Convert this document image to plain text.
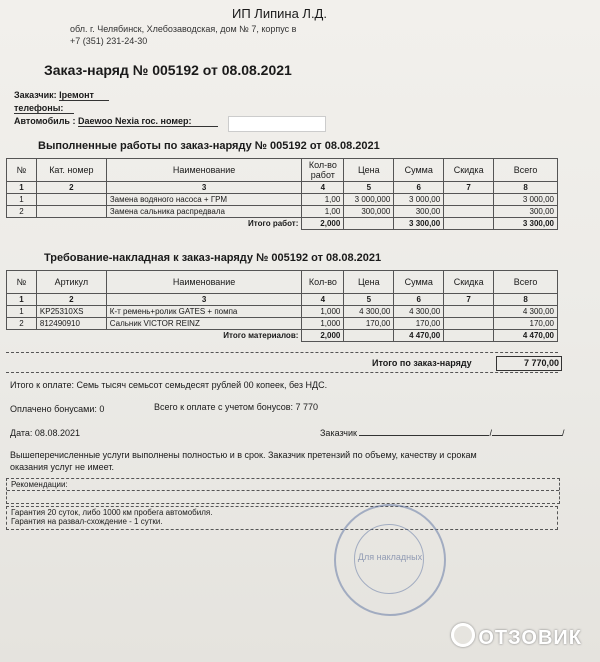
ИП Липина Л.Д.
обл. г. Челябинск, Хлебозаводская, дом № 7, корпус в
+7 (351) 231-24-30
Заказ-наряд № 005192 от 08.08.2021
Заказчик: Iремонт
телефоны:
Автомобиль : Daewoo Nexia гос. номер:
Выполненные работы по заказ-наряду № 005192 от 08.08.2021
№	Кат. номер	Наименование	Кол-во работ	Цена	Сумма	Скидка	Всего
1	2	3	4	5	6	7	8
1		Замена водяного насоса + ГРМ	1,00	3 000,000	3 000,00		3 000,00
2		Замена сальника распредвала	1,00	300,000	300,00		300,00
Итого работ:			2,000		3 300,00		3 300,00
Требование-накладная к заказ-наряду № 005192 от 08.08.2021
№	Артикул	Наименование	Кол-во	Цена	Сумма	Скидка	Всего
1	2	3	4	5	6	7	8
1	KP25310XS	К-т ремень+ролик GATES + помпа	1,000	4 300,00	4 300,00		4 300,00
2	812490910	Сальник VICTOR REINZ	1,000	170,00	170,00		170,00
Итого материалов:			2,000		4 470,00		4 470,00
Итого по заказ-наряду	7 770,00
Итого к оплате: Семь тысяч семьсот семьдесят рублей 00 копеек, без НДС.
Оплачено бонусами: 0	Всего к оплате с учетом бонусов: 7 770
Дата: 08.08.2021	Заказчик	/	/
Вышеперечисленные услуги выполнены полностью и в срок. Заказчик претензий по объему, качеству и срокам
оказания услуг не имеет.
Рекомендации:
Гарантия 20 суток, либо 1000 км пробега автомобиля.
Гарантия на развал-схождение - 1 сутки.
Для накладных
ОТЗОВИК
